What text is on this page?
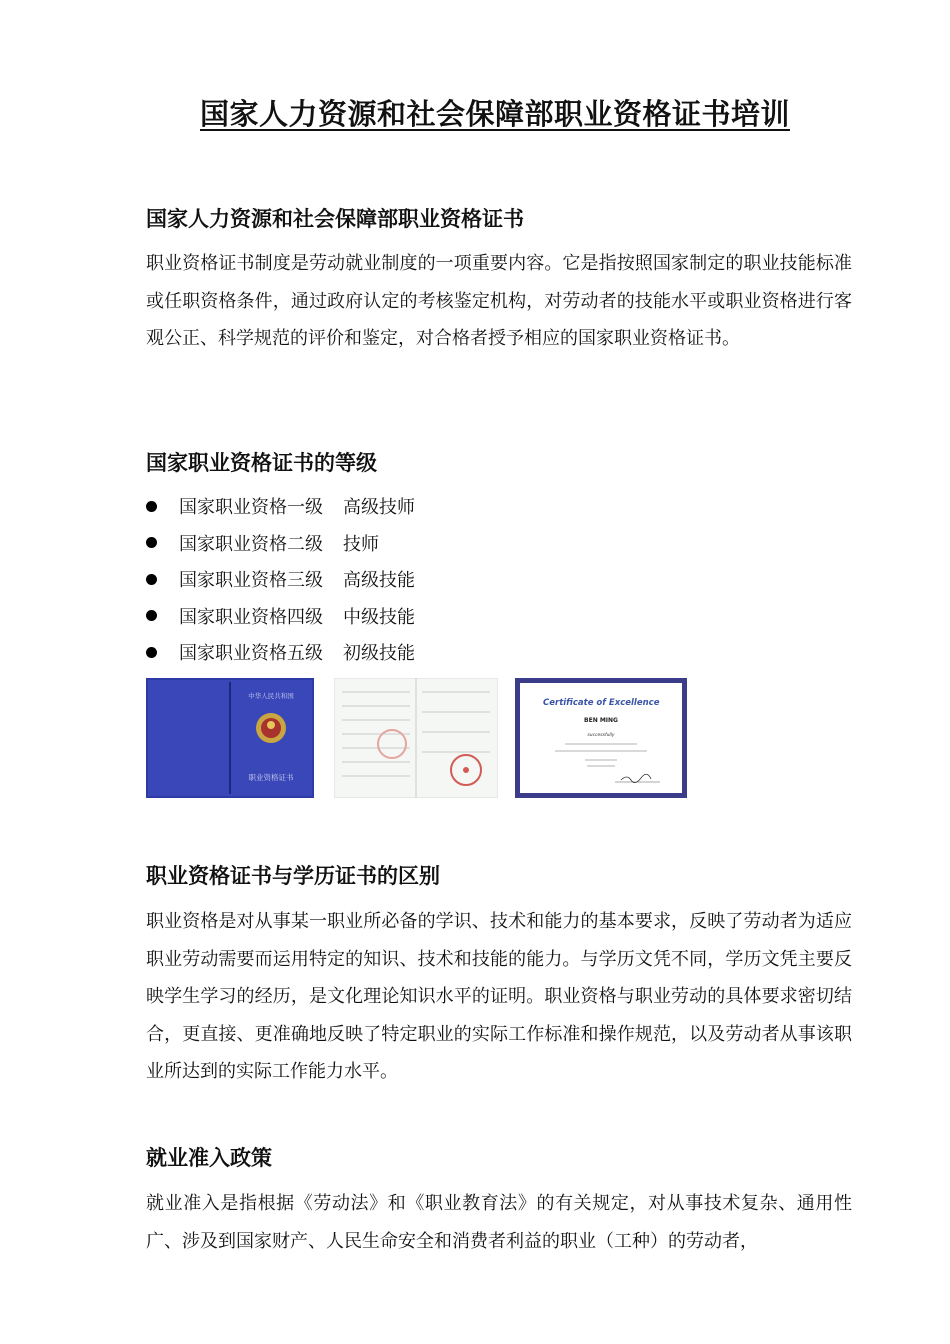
国家人力资源和社会保障部职业资格证书培训
国家人力资源和社会保障部职业资格证书

职业资格证书制度是劳动就业制度的一项重要内容。它是指按照国家制定的职业技能标准或任职资格条件，通过政府认定的考核鉴定机构，对劳动者的技能水平或职业资格进行客观公正、科学规范的评价和鉴定，对合格者授予相应的国家职业资格证书。

国家职业资格证书的等级
国家职业资格一级 高级技师
国家职业资格二级 技师
国家职业资格三级 高级技能
国家职业资格四级 中级技能
国家职业资格五级 初级技能
中华人民共和国
职业资格证书
Certificate of Excellence
BEN MING
successfully
职业资格证书与学历证书的区别

职业资格是对从事某一职业所必备的学识、技术和能力的基本要求，反映了劳动者为适应职业劳动需要而运用特定的知识、技术和技能的能力。与学历文凭不同，学历文凭主要反映学生学习的经历，是文化理论知识水平的证明。职业资格与职业劳动的具体要求密切结合，更直接、更准确地反映了特定职业的实际工作标准和操作规范，以及劳动者从事该职业所达到的实际工作能力水平。

就业准入政策

就业准入是指根据《劳动法》和《职业教育法》的有关规定，对从事技术复杂、通用性广、涉及到国家财产、人民生命安全和消费者利益的职业（工种）的劳动者，
